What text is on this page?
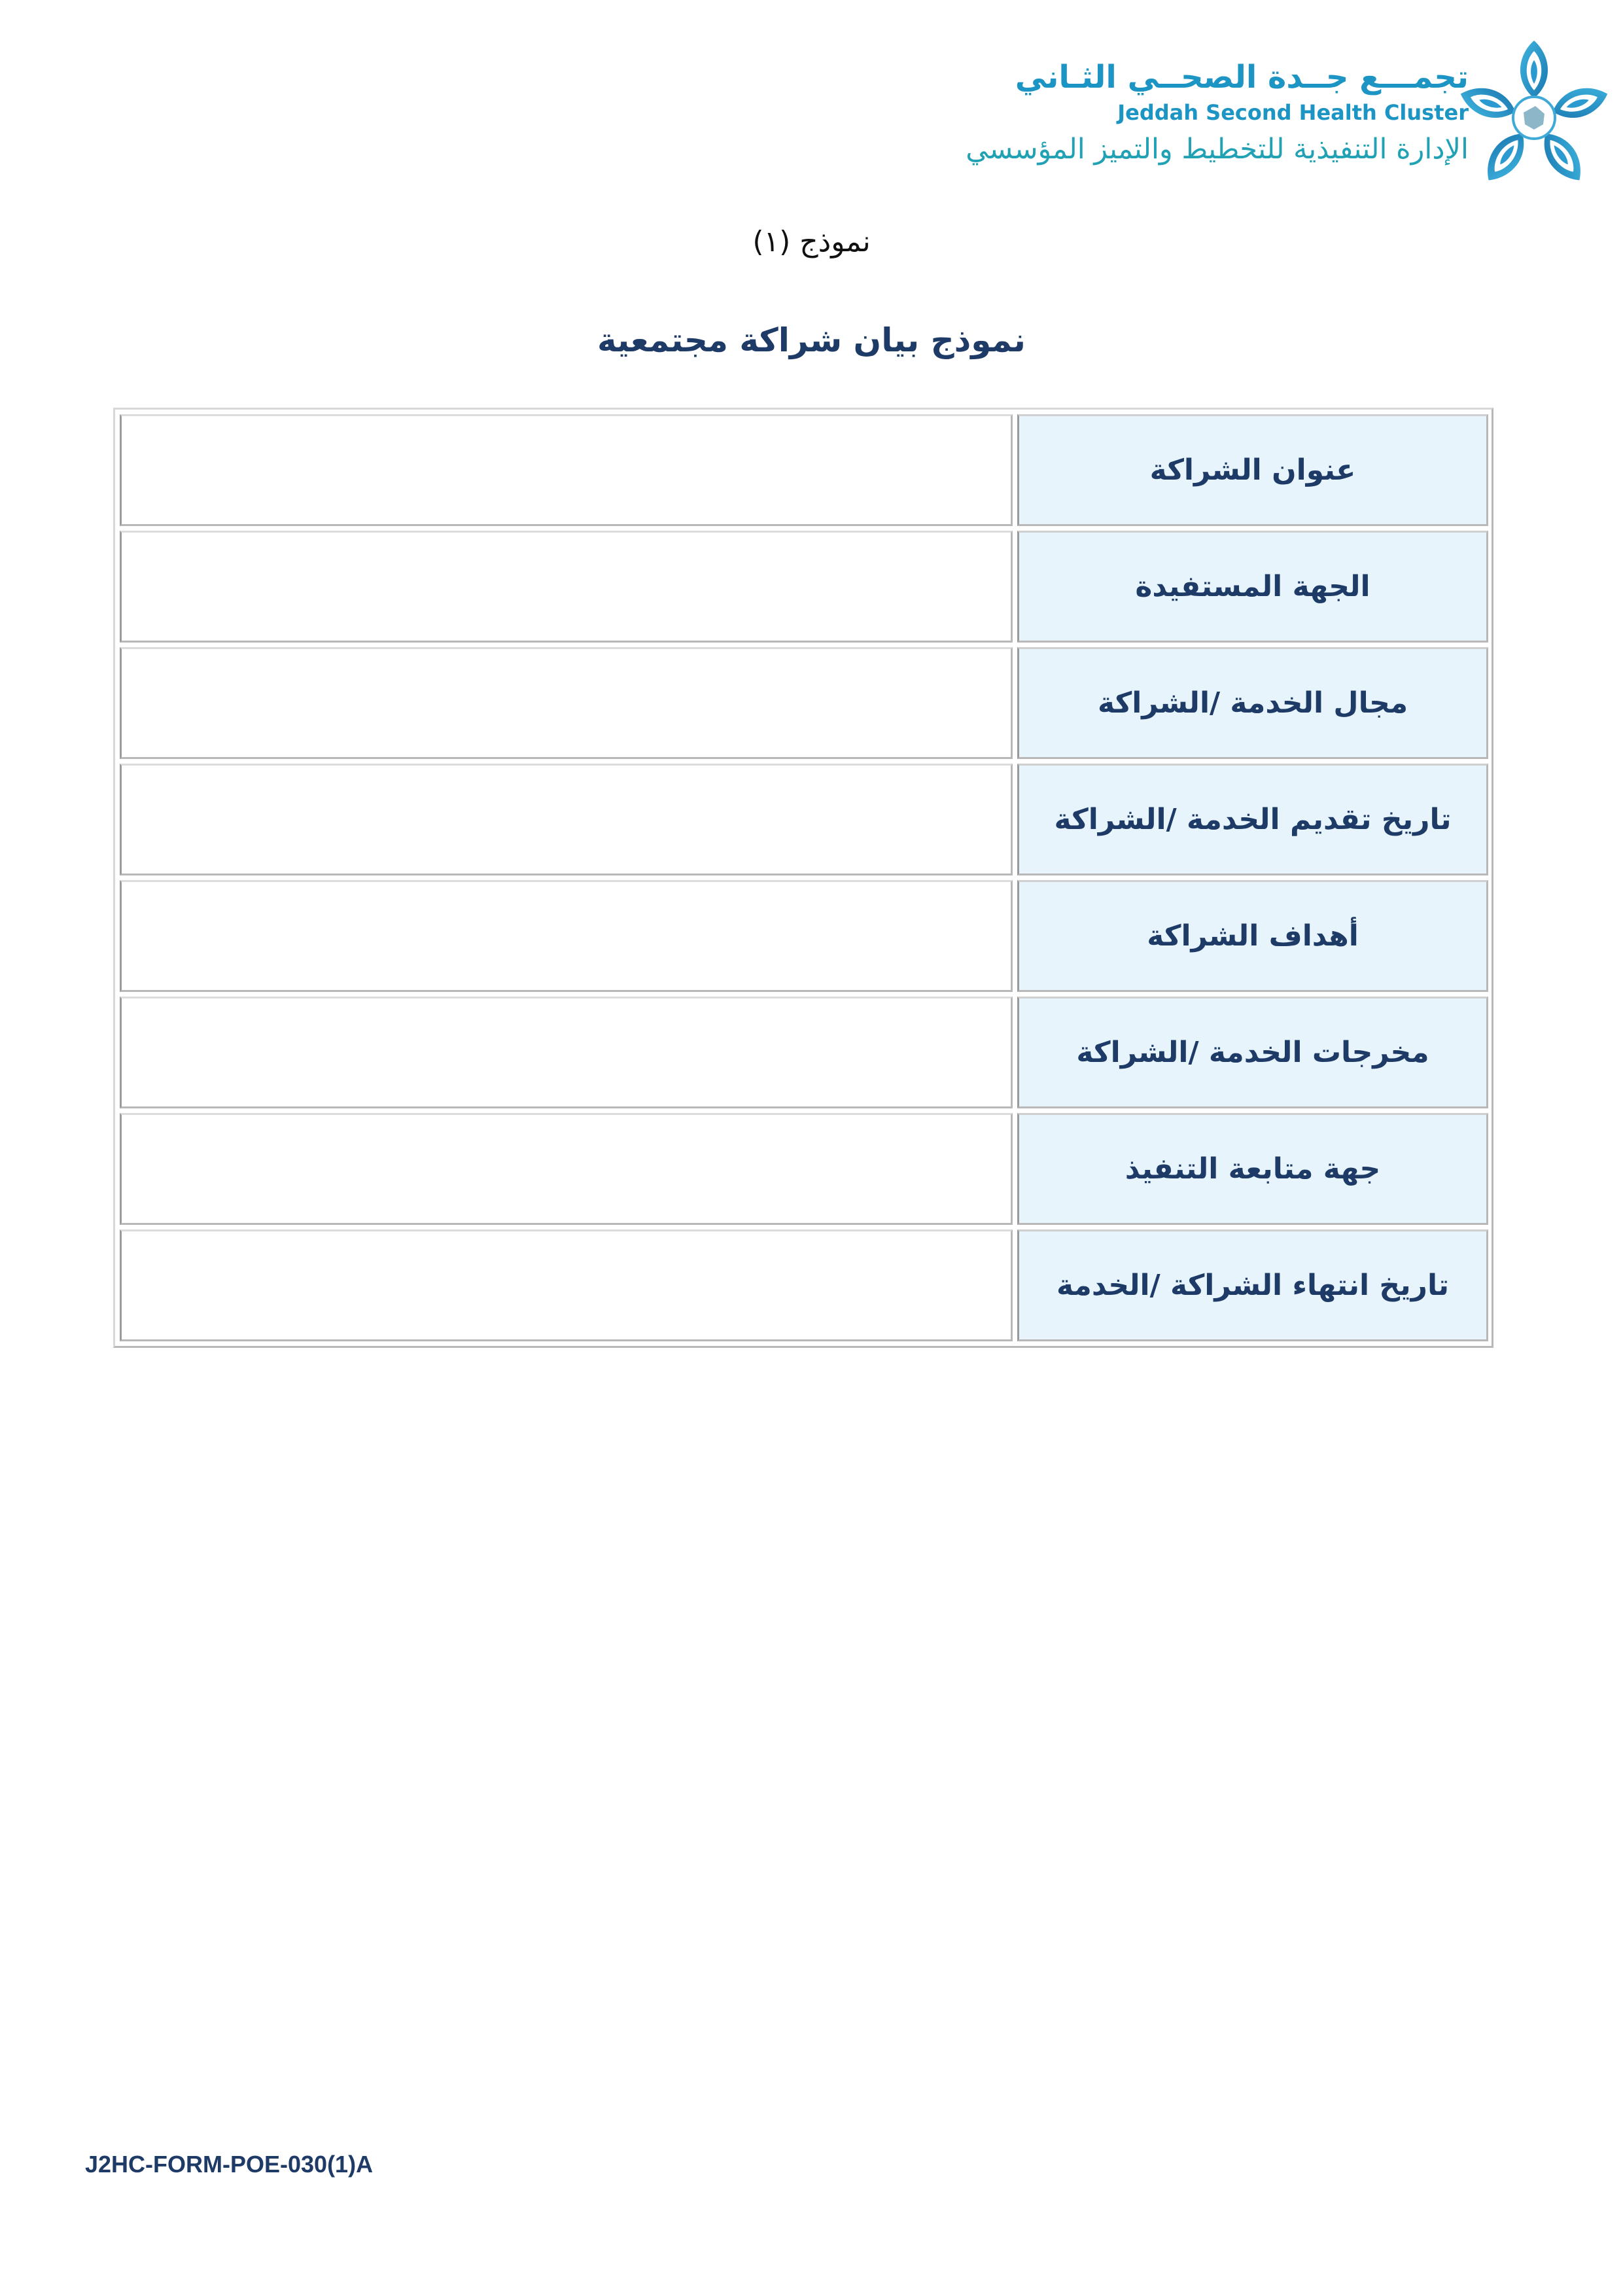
تجمـــع جــدة الصحــي الثـاني
Jeddah Second Health Cluster
الإدارة التنفيذية للتخطيط والتميز المؤسسي
نموذج (١)
نموذج بيان شراكة مجتمعية
عنوان الشراكة
الجهة المستفيدة
مجال الخدمة /الشراكة
تاريخ تقديم الخدمة /الشراكة
أهداف الشراكة
مخرجات الخدمة /الشراكة
جهة متابعة التنفيذ
تاريخ انتهاء الشراكة /الخدمة
J2HC-FORM-POE-030(1)A
